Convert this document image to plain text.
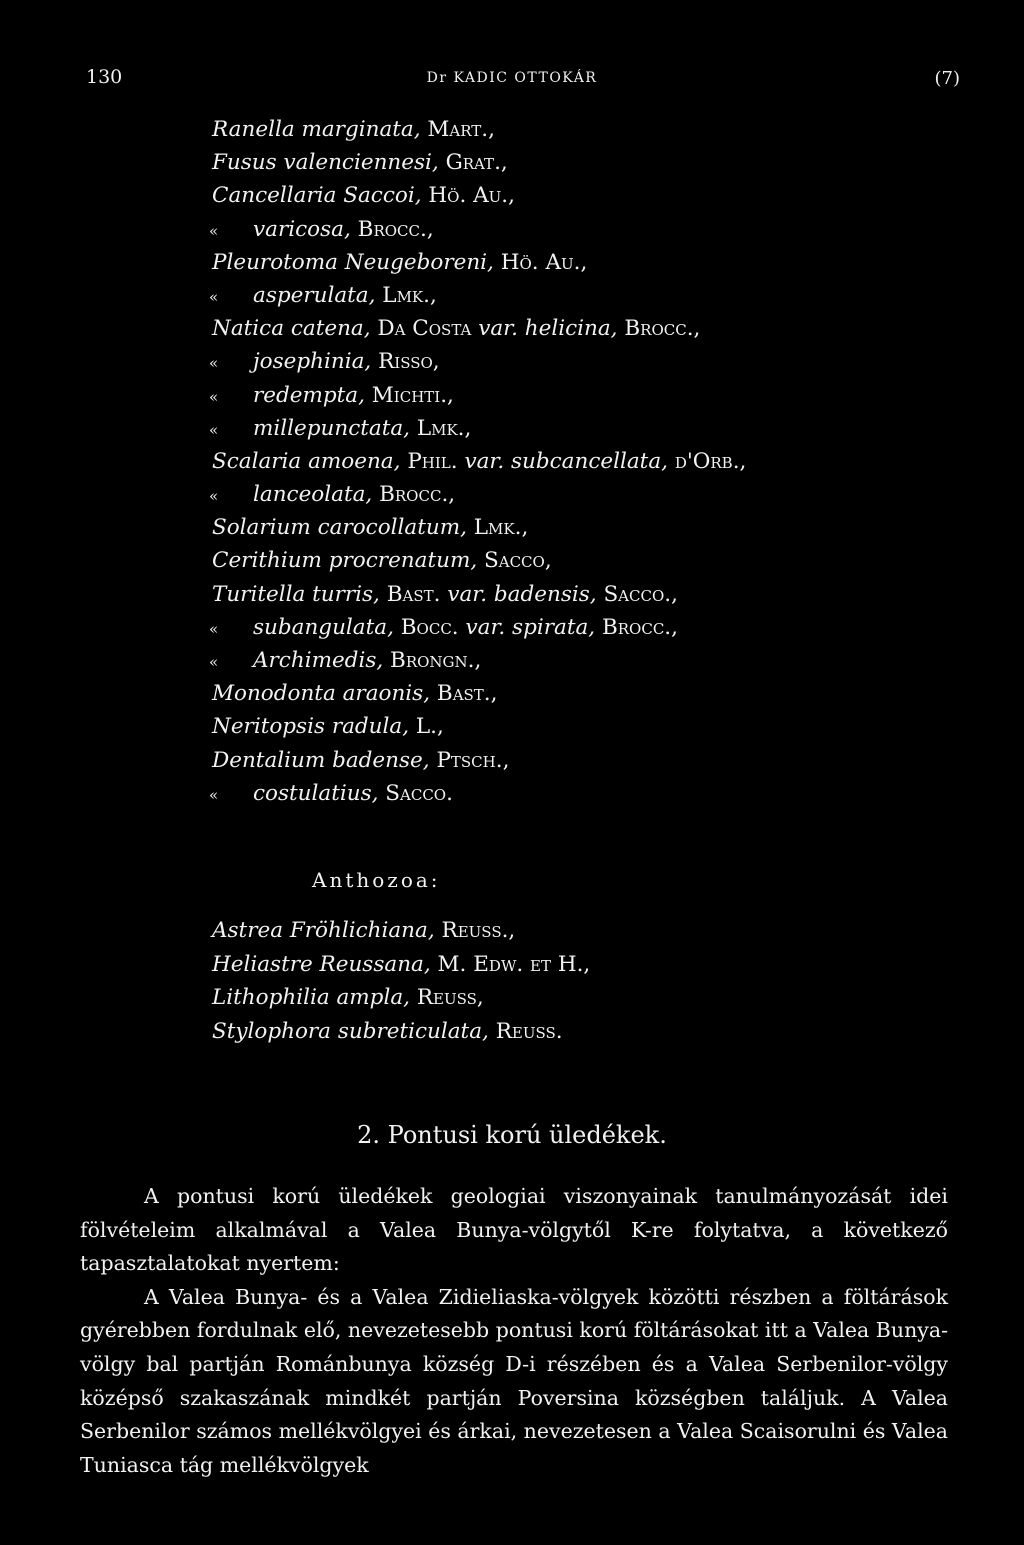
130	Dr KADIC OTTOKÁR	(7)
Ranella marginata, Mart.,
Fusus valenciennesi, Grat.,
Cancellaria Saccoi, Hö. Au.,
« varicosa, Brocc.,
Pleurotoma Neugeboreni, Hö. Au.,
« asperulata, Lmk.,
Natica catena, Da Costa var. helicina, Brocc.,
« josephinia, Risso,
« redempta, Michti.,
« millepunctata, Lmk.,
Scalaria amoena, Phil. var. subcancellata, d'Orb.,
« lanceolata, Brocc.,
Solarium carocollatum, Lmk.,
Cerithium procrenatum, Sacco,
Turitella turris, Bast. var. badensis, Sacco.,
« subangulata, Bocc. var. spirata, Brocc.,
« Archimedis, Brongn.,
Monodonta araonis, Bast.,
Neritopsis radula, L.,
Dentalium badense, Ptsch.,
« costulatius, Sacco.
Anthozoa:
Astrea Fröhlichiana, Reuss.,
Heliastre Reussana, M. Edw. et H.,
Lithophilia ampla, Reuss,
Stylophora subreticulata, Reuss.
2. Pontusi korú üledékek.

A pontusi korú üledékek geologiai viszonyainak tanulmányozását idei fölvételeim alkalmával a Valea Bunya-völgytől K-re folytatva, a következő tapasztalatokat nyertem:

A Valea Bunya- és a Valea Zidieliaska-völgyek közötti részben a föltárások gyérebben fordulnak elő, nevezetesebb pontusi korú föltárásokat itt a Valea Bunya-völgy bal partján Románbunya község D-i részében és a Valea Serbenilor-völgy középső szakaszának mindkét partján Poversina községben találjuk. A Valea Serbenilor számos mellékvölgyei és árkai, nevezetesen a Valea Scaisorulni és Valea Tuniasca tág mellékvölgyek
